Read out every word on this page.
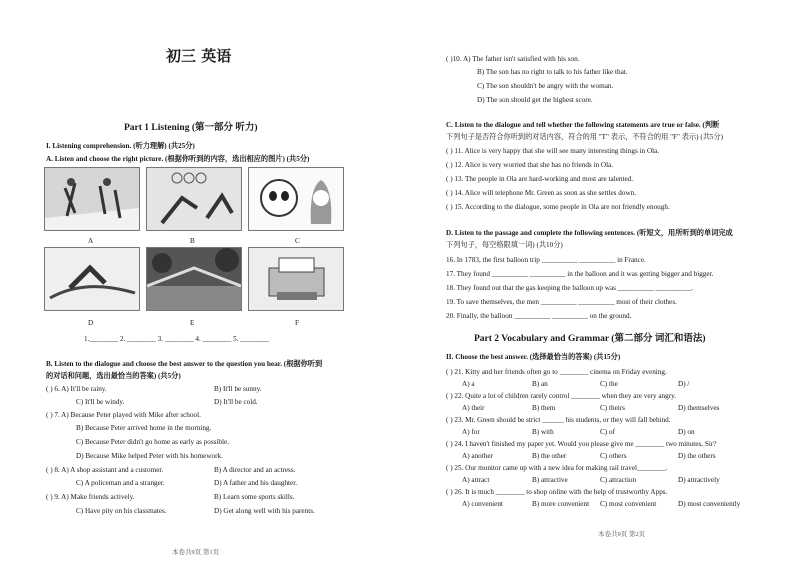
初三 英语
Part 1 Listening (第一部分 听力)
I. Listening comprehension. (听力理解) (共25分)
A. Listen and choose the right picture. (根据你听到的内容，选出相应的图片) (共5分)
A	B	C
D	E	F
1.________ 2. ________ 3. ________ 4. ________ 5. ________
B. Listen to the dialogue and choose the best answer to the question you hear. (根据你听到
的对话和问题，选出最恰当的答案) (共5分)
( ) 6. A) It'll be rainy.	B) It'll be sunny.
C) It'll be windy.	D) It'll be cold.
( ) 7. A) Because Peter played with Mike after school.
B) Because Peter arrived home in the morning.
C) Because Peter didn't go home as early as possible.
D) Because Mike helped Peter with his homework.
( ) 8. A) A shop assistant and a customer.	B) A director and an actress.
C) A policeman and a stranger.	D) A father and his daughter.
( ) 9. A) Make friends actively.	B) Learn some sports skills.
C) Have pity on his classmates.	D) Get along well with his parents.
本卷共9页 第1页
( )10. A) The father isn't satisfied with his son.
B) The son has no right to talk to his father like that.
C) The son shouldn't be angry with the woman.
D) The son should get the highest score.
C. Listen to the dialogue and tell whether the following statements are true or false. (判断
下列句子是否符合你听到的对话内容，符合的用 "T" 表示，不符合的用 "F" 表示) (共5分)
( ) 11. Alice is very happy that she will see many interesting things in Ola.
( ) 12. Alice is very worried that she has no friends in Ola.
( ) 13. The people in Ola are hard-working and most are talented.
( ) 14. Alice will telephone Mr. Green as soon as she settles down.
( ) 15. According to the dialogue, some people in Ola are not friendly enough.
D. Listen to the passage and complete the following sentences. (听短文，用所听到的单词完成
下列句子，每空格限填一词) (共10分)
16. In 1783, the first balloon trip __________ __________ in France.
17. They found __________ __________ in the balloon and it was getting bigger and bigger.
18. They found out that the gas keeping the balloon up was __________ __________.
19. To save themselves, the men __________ __________ most of their clothes.
20. Finally, the balloon __________ __________ on the ground.
Part 2 Vocabulary and Grammar (第二部分 词汇和语法)
II. Choose the best answer. (选择最恰当的答案) (共15分)
( ) 21. Kitty and her friends often go to ________ cinema on Friday evening.
A) a	B) an	C) the	D) /
( ) 22. Quite a lot of children rarely control ________ when they are very angry.
A) their	B) them	C) theirs	D) themselves
( ) 23. Mr. Green should be strict ______ his students, or they will fall behind.
A) for	B) with	C) of	D) on
( ) 24. I haven't finished my paper yet. Would you please give me ________ two minutes, Sir?
A) another	B) the other	C) others	D) the others
( ) 25. Our monitor came up with a new idea for making rail travel________.
A) attract	B) attractive	C) attraction	D) attractively
( ) 26. It is much ________ to shop online with the help of trustworthy Apps.
A) convenient	B) more convenient C) most convenient	D) most conveniently
本卷共9页 第2页
